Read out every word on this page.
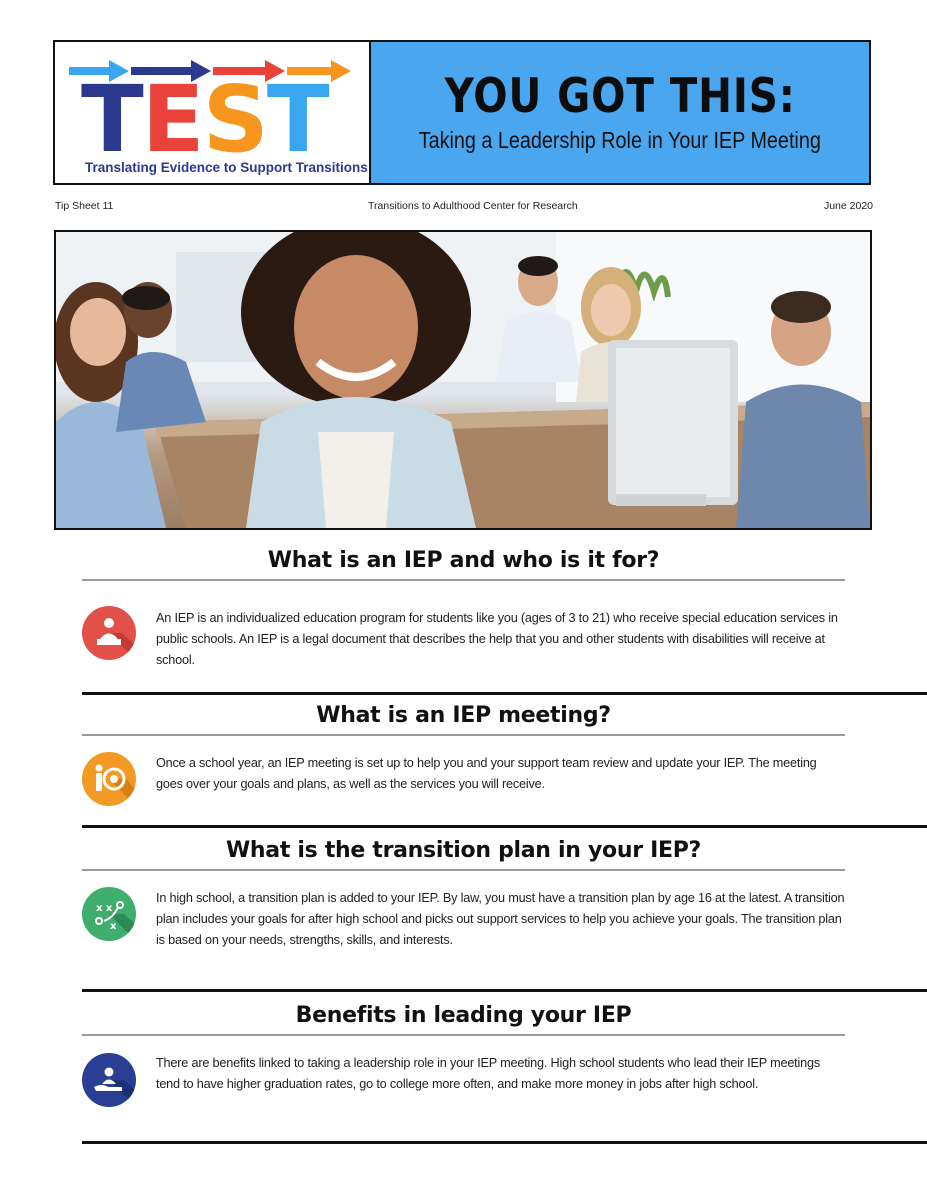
TEST
Translating Evidence to Support Transitions
YOU GOT THIS:
Taking a Leadership Role in Your IEP Meeting
Tip Sheet 11	Transitions to Adulthood Center for Research	June 2020
What is an IEP and who is it for?
An IEP is an individualized education program for students like you (ages of 3 to 21) who receive special education services in public schools. An IEP is a legal document that describes the help that you and other students with disabilities will receive at school.
What is an IEP meeting?
Once a school year, an IEP meeting is set up to help you and your support team review and update your IEP. The meeting goes over your goals and plans, as well as the services you will receive.
What is the transition plan in your IEP?
x x
x
In high school, a transition plan is added to your IEP. By law, you must have a transition plan by age 16 at the latest. A transition plan includes your goals for after high school and picks out support services to help you achieve your goals. The transition plan is based on your needs, strengths, skills, and interests.
Benefits in leading your IEP
There are benefits linked to taking a leadership role in your IEP meeting. High school students who lead their IEP meetings tend to have higher graduation rates, go to college more often, and make more money in jobs after high school.
